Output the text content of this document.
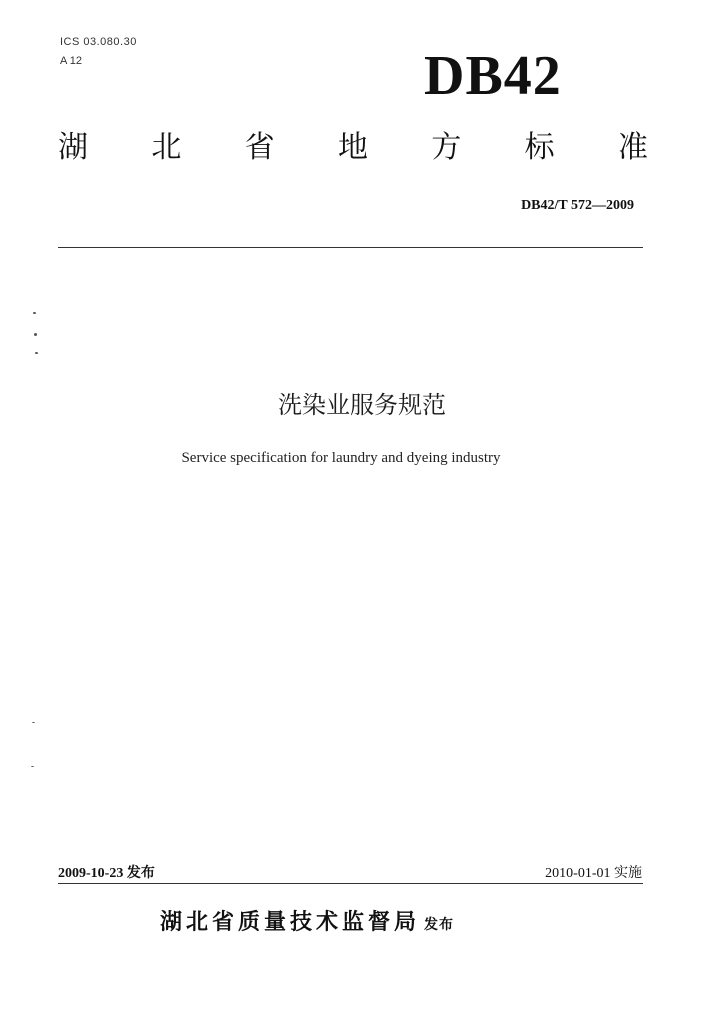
ICS 03.080.30
A 12	DB42
湖 北 省 地 方 标 准
DB42/T 572—2009
洗染业服务规范
Service specification for laundry and dyeing industry
2009-10-23 发布	2010-01-01 实施
湖北省质量技术监督局 发布
